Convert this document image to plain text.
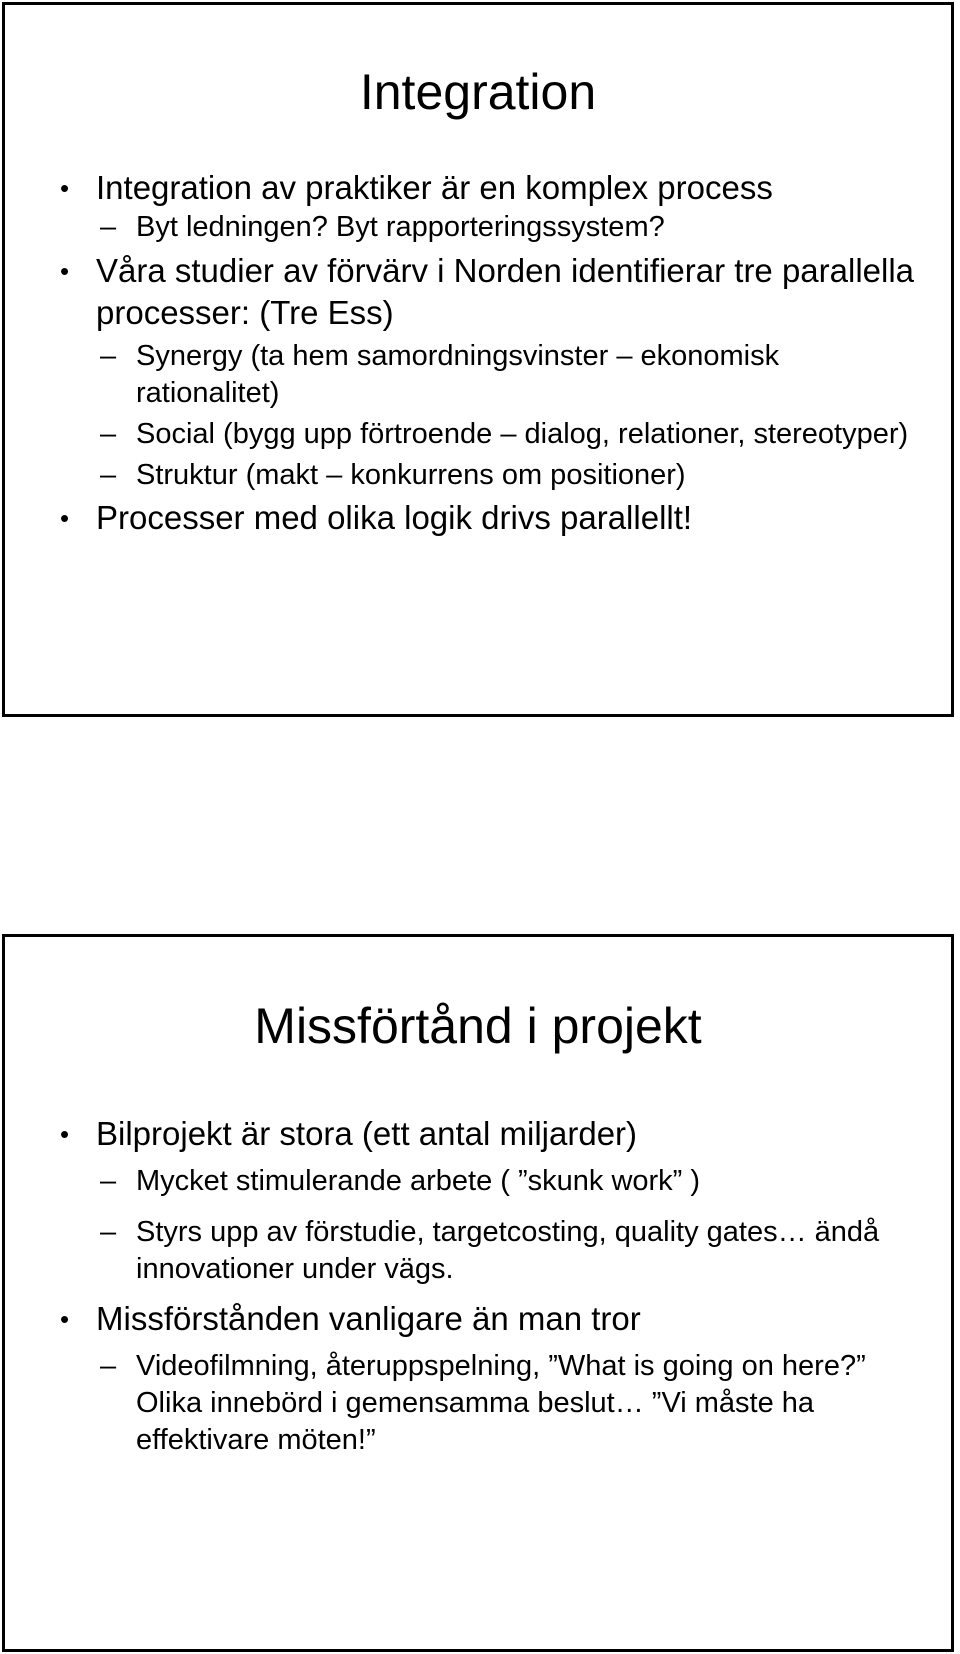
Integration
• Integration av praktiker är en komplex process
– Byt ledningen? Byt rapporteringssystem?
• Våra studier av förvärv i Norden identifierar tre parallella processer: (Tre Ess)
– Synergy (ta hem samordningsvinster – ekonomisk rationalitet)
– Social (bygg upp förtroende – dialog, relationer, stereotyper)
– Struktur (makt – konkurrens om positioner)
• Processer med olika logik drivs parallellt!
Missförtånd i projekt
• Bilprojekt är stora (ett antal miljarder)
– Mycket stimulerande arbete ( ”skunk work” )
– Styrs upp av förstudie, targetcosting, quality gates… ändå innovationer under vägs.
• Missförstånden vanligare än man tror
– Videofilmning, återuppspelning, ”What is going on here?” Olika innebörd i gemensamma beslut… ”Vi måste ha effektivare möten!”
